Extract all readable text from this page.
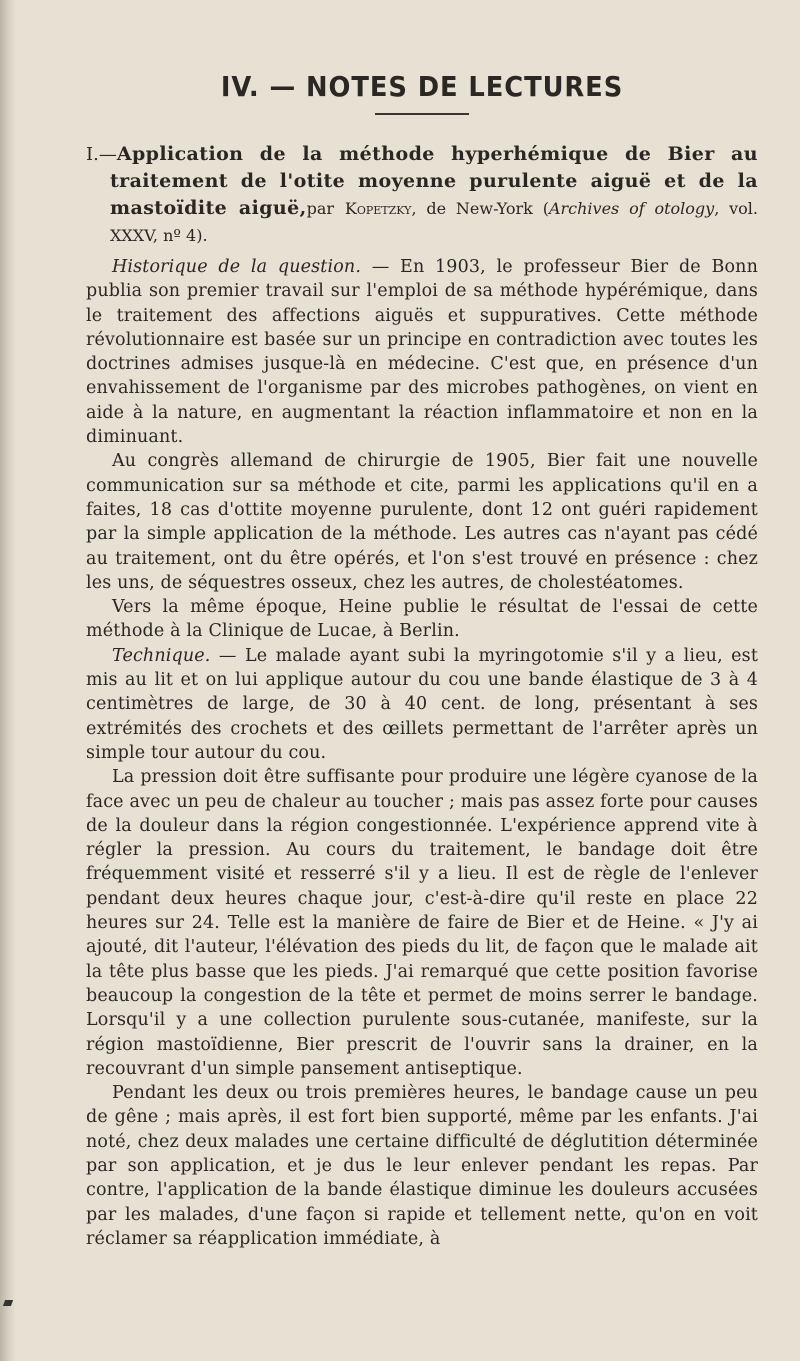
IV. — NOTES DE LECTURES

I.—Application de la méthode hyperhémique de Bier au traitement de l'otite moyenne purulente aiguë et de la mastoïdite aiguë,par Kopetzky, de New-York (Archives of otology, vol. XXXV, nº 4).

Historique de la question. — En 1903, le professeur Bier de Bonn publia son premier travail sur l'emploi de sa méthode hypérémique, dans le traitement des affections aiguës et suppuratives. Cette méthode révolutionnaire est basée sur un principe en contradiction avec toutes les doctrines admises jusque-là en médecine. C'est que, en présence d'un envahissement de l'organisme par des microbes pathogènes, on vient en aide à la nature, en augmentant la réaction inflammatoire et non en la diminuant.

Au congrès allemand de chirurgie de 1905, Bier fait une nouvelle communication sur sa méthode et cite, parmi les applications qu'il en a faites, 18 cas d'ottite moyenne purulente, dont 12 ont guéri rapidement par la simple application de la méthode. Les autres cas n'ayant pas cédé au traitement, ont du être opérés, et l'on s'est trouvé en présence : chez les uns, de séquestres osseux, chez les autres, de cholestéatomes.

Vers la même époque, Heine publie le résultat de l'essai de cette méthode à la Clinique de Lucae, à Berlin.

Technique. — Le malade ayant subi la myringotomie s'il y a lieu, est mis au lit et on lui applique autour du cou une bande élastique de 3 à 4 centimètres de large, de 30 à 40 cent. de long, présentant à ses extrémités des crochets et des œillets permettant de l'arrêter après un simple tour autour du cou.

La pression doit être suffisante pour produire une légère cyanose de la face avec un peu de chaleur au toucher ; mais pas assez forte pour causes de la douleur dans la région congestionnée. L'expérience apprend vite à régler la pression. Au cours du traitement, le bandage doit être fréquemment visité et resserré s'il y a lieu. Il est de règle de l'enlever pendant deux heures chaque jour, c'est-à-dire qu'il reste en place 22 heures sur 24. Telle est la manière de faire de Bier et de Heine. « J'y ai ajouté, dit l'auteur, l'élévation des pieds du lit, de façon que le malade ait la tête plus basse que les pieds. J'ai remarqué que cette position favorise beaucoup la congestion de la tête et permet de moins serrer le bandage. Lorsqu'il y a une collection purulente sous-cutanée, manifeste, sur la région mastoïdienne, Bier prescrit de l'ouvrir sans la drainer, en la recouvrant d'un simple pansement antiseptique.

Pendant les deux ou trois premières heures, le bandage cause un peu de gêne ; mais après, il est fort bien supporté, même par les enfants. J'ai noté, chez deux malades une certaine difficulté de déglutition déterminée par son application, et je dus le leur enlever pendant les repas. Par contre, l'application de la bande élastique diminue les douleurs accusées par les malades, d'une façon si rapide et tellement nette, qu'on en voit réclamer sa réapplication immédiate, à
